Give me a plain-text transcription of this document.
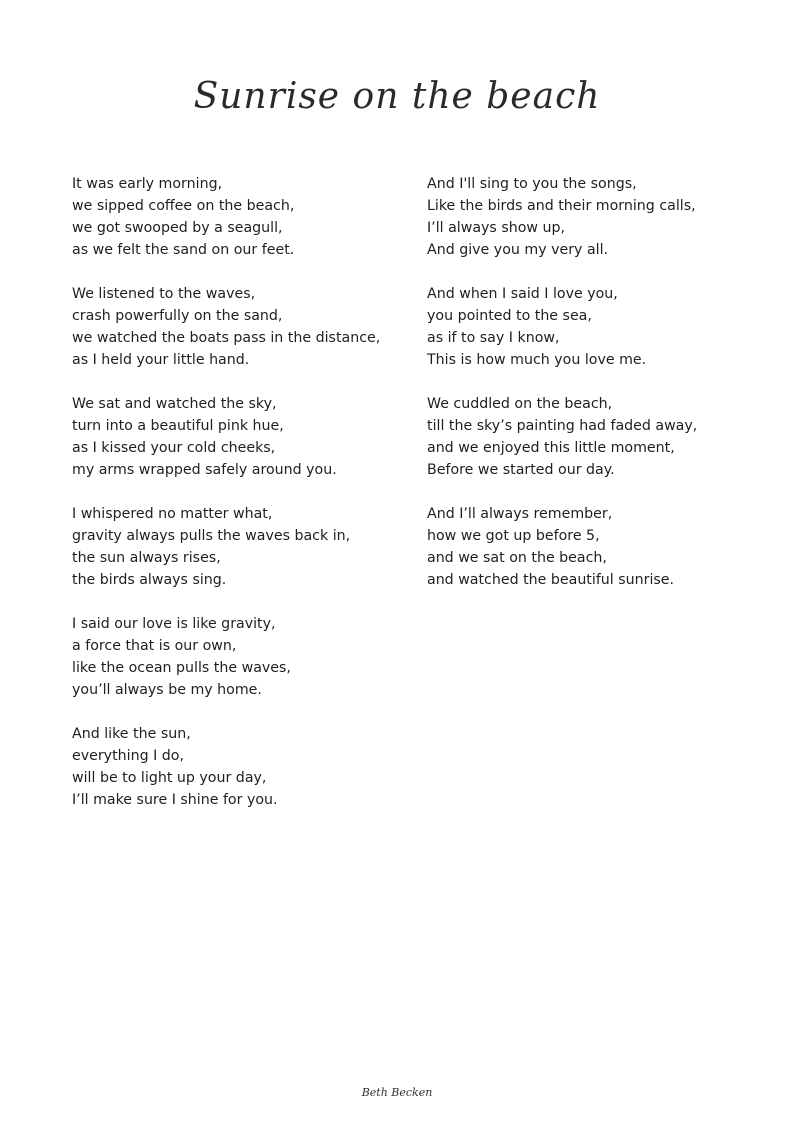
Sunrise on the beach
It was early morning,
we sipped coffee on the beach,
we got swooped by a seagull,
as we felt the sand on our feet.
We listened to the waves,
crash powerfully on the sand,
we watched the boats pass in the distance,
as I held your little hand.
We sat and watched the sky,
turn into a beautiful pink hue,
as I kissed your cold cheeks,
my arms wrapped safely around you.
I whispered no matter what,
gravity always pulls the waves back in,
the sun always rises,
the birds always sing.
I said our love is like gravity,
a force that is our own,
like the ocean pulls the waves,
you’ll always be my home.
And like the sun,
everything I do,
will be to light up your day,
I’ll make sure I shine for you.
And I'll sing to you the songs,
Like the birds and their morning calls,
I’ll always show up,
And give you my very all.
And when I said I love you,
you pointed to the sea,
as if to say I know,
This is how much you love me.
We cuddled on the beach,
till the sky’s painting had faded away,
and we enjoyed this little moment,
Before we started our day.
And I’ll always remember,
how we got up before 5,
and we sat on the beach,
and watched the beautiful sunrise.
Beth Becken
